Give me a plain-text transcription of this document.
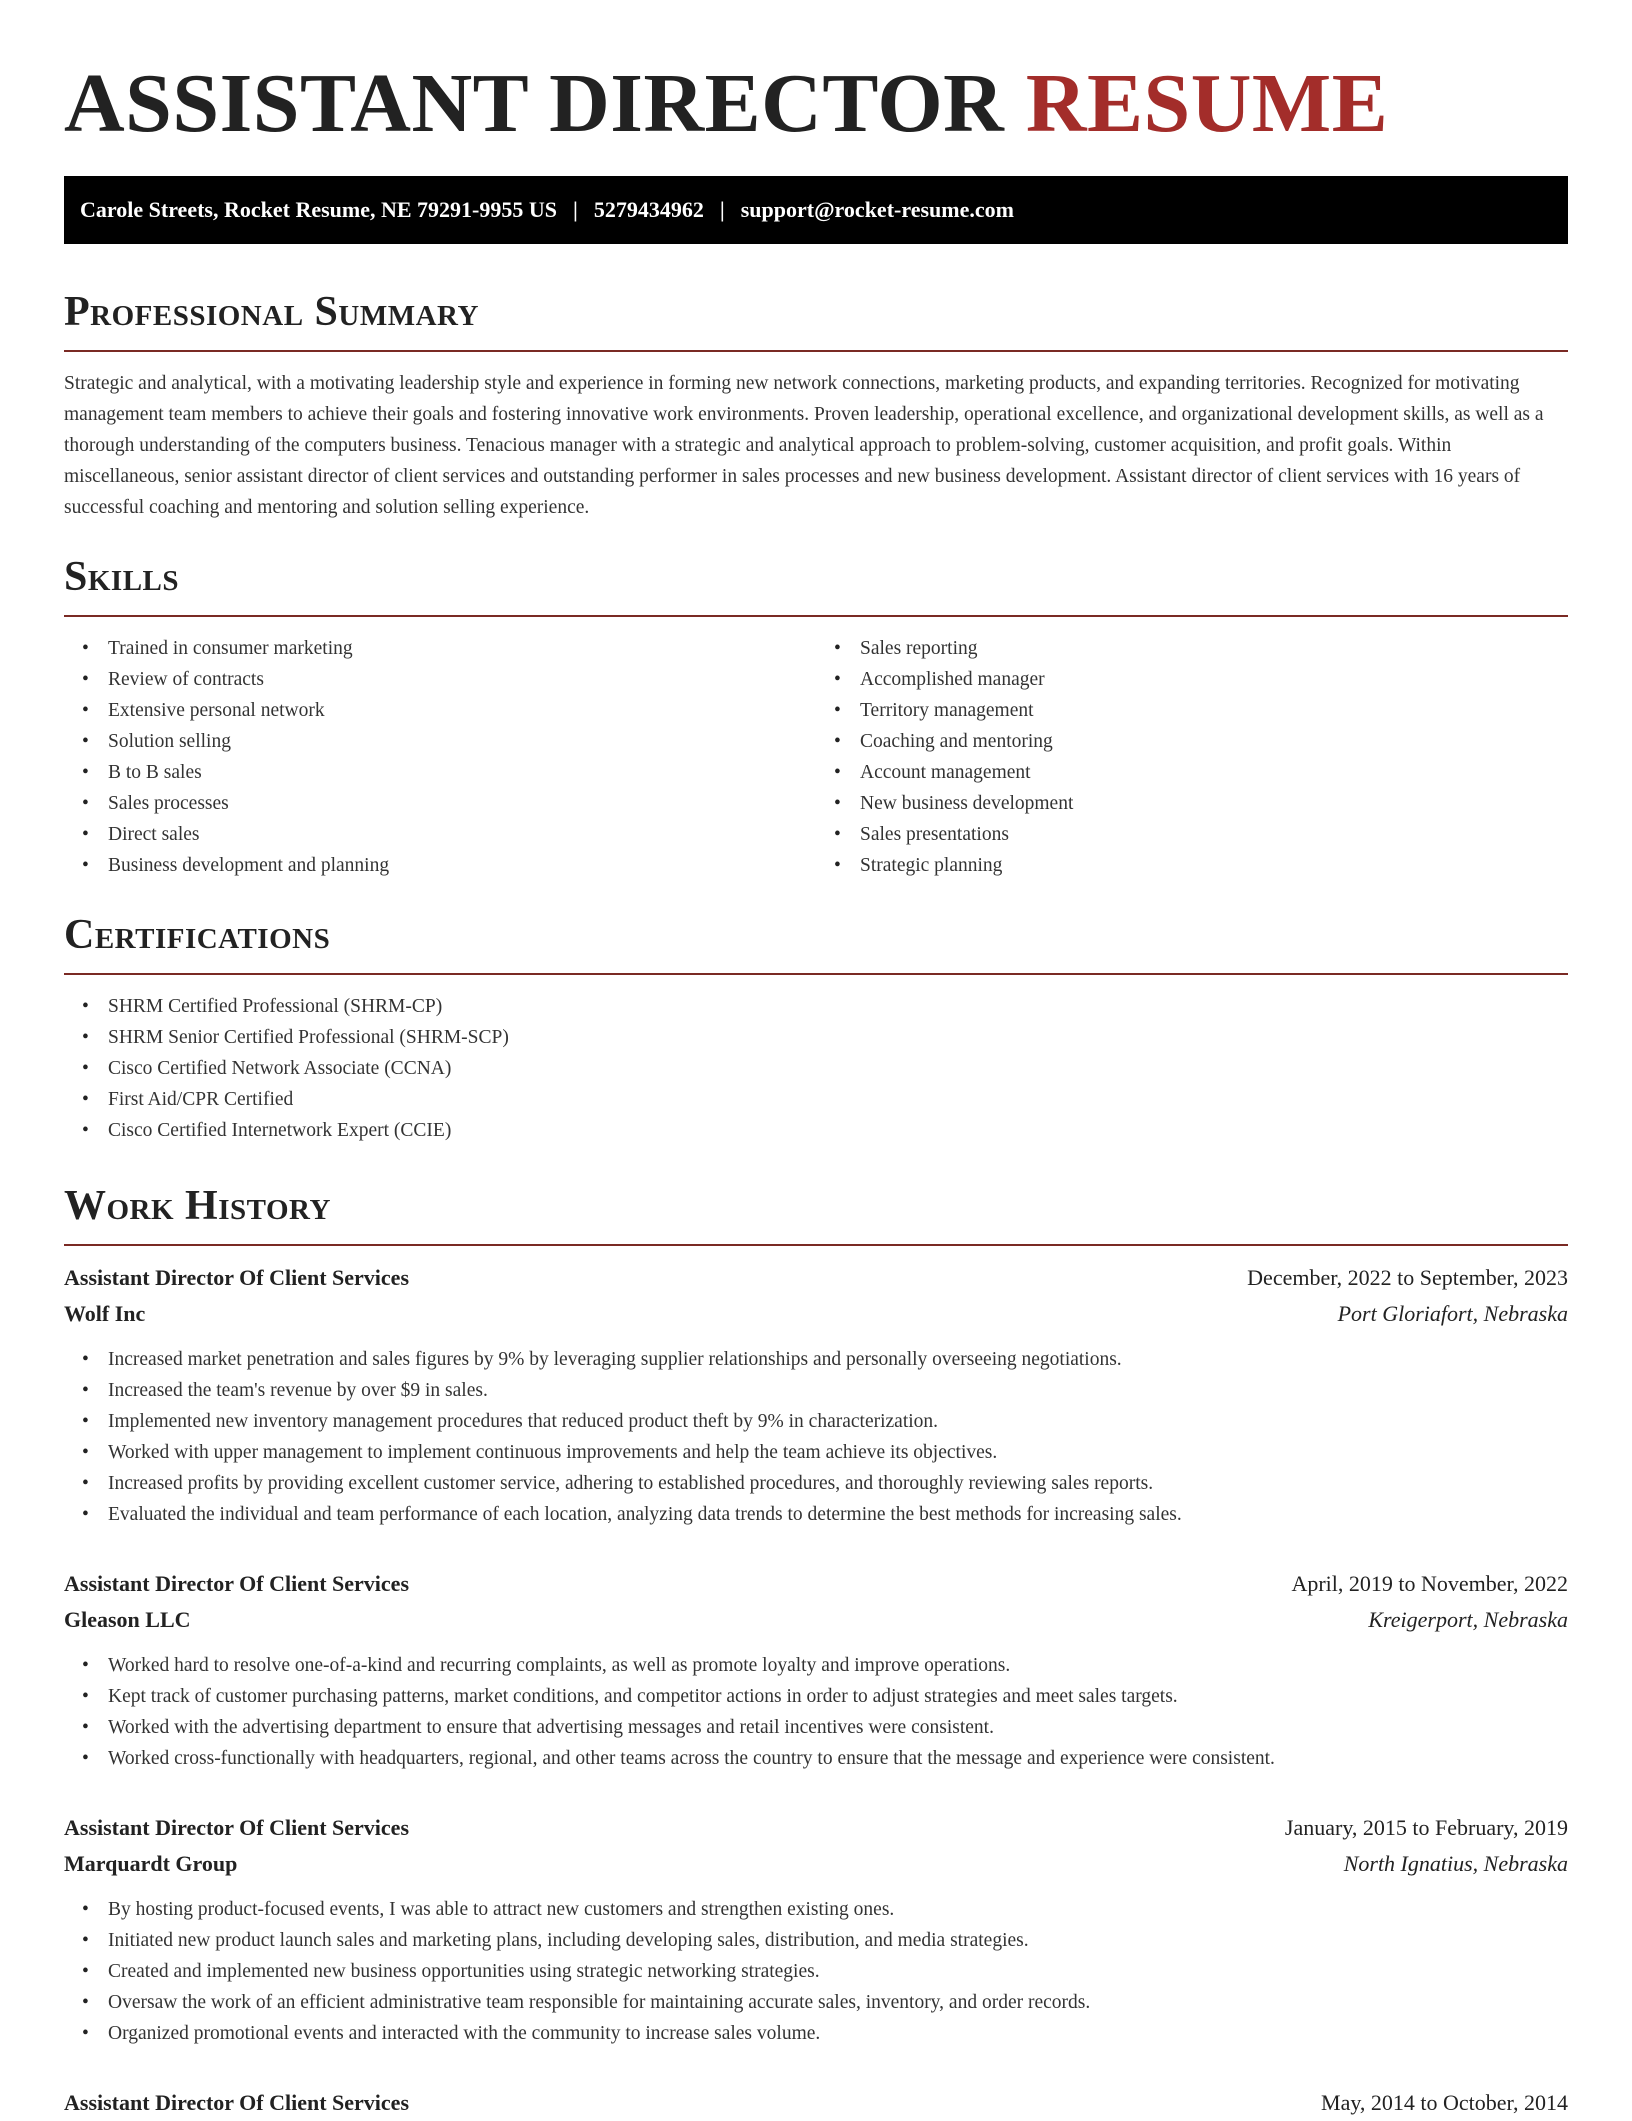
ASSISTANT DIRECTOR RESUME
Carole Streets, Rocket Resume, NE 79291-9955 US | 5279434962 | support@rocket-resume.com
Professional Summary

Strategic and analytical, with a motivating leadership style and experience in forming new network connections, marketing products, and expanding territories. Recognized for motivating management team members to achieve their goals and fostering innovative work environments. Proven leadership, operational excellence, and organizational development skills, as well as a thorough understanding of the computers business. Tenacious manager with a strategic and analytical approach to problem-solving, customer acquisition, and profit goals. Within miscellaneous, senior assistant director of client services and outstanding performer in sales processes and new business development. Assistant director of client services with 16 years of successful coaching and mentoring and solution selling experience.

Skills
• Trained in consumer marketing
• Review of contracts
• Extensive personal network
• Solution selling
• B to B sales
• Sales processes
• Direct sales
• Business development and planning
• Sales reporting
• Accomplished manager
• Territory management
• Coaching and mentoring
• Account management
• New business development
• Sales presentations
• Strategic planning
Certifications
• SHRM Certified Professional (SHRM-CP)
• SHRM Senior Certified Professional (SHRM-SCP)
• Cisco Certified Network Associate (CCNA)
• First Aid/CPR Certified
• Cisco Certified Internetwork Expert (CCIE)
Work History
Assistant Director Of Client Services	December, 2022 to September, 2023
Wolf Inc	Port Gloriafort, Nebraska
• Increased market penetration and sales figures by 9% by leveraging supplier relationships and personally overseeing negotiations.
• Increased the team's revenue by over $9 in sales.
• Implemented new inventory management procedures that reduced product theft by 9% in characterization.
• Worked with upper management to implement continuous improvements and help the team achieve its objectives.
• Increased profits by providing excellent customer service, adhering to established procedures, and thoroughly reviewing sales reports.
• Evaluated the individual and team performance of each location, analyzing data trends to determine the best methods for increasing sales.
Assistant Director Of Client Services	April, 2019 to November, 2022
Gleason LLC	Kreigerport, Nebraska
• Worked hard to resolve one-of-a-kind and recurring complaints, as well as promote loyalty and improve operations.
• Kept track of customer purchasing patterns, market conditions, and competitor actions in order to adjust strategies and meet sales targets.
• Worked with the advertising department to ensure that advertising messages and retail incentives were consistent.
• Worked cross-functionally with headquarters, regional, and other teams across the country to ensure that the message and experience were consistent.
Assistant Director Of Client Services	January, 2015 to February, 2019
Marquardt Group	North Ignatius, Nebraska
• By hosting product-focused events, I was able to attract new customers and strengthen existing ones.
• Initiated new product launch sales and marketing plans, including developing sales, distribution, and media strategies.
• Created and implemented new business opportunities using strategic networking strategies.
• Oversaw the work of an efficient administrative team responsible for maintaining accurate sales, inventory, and order records.
• Organized promotional events and interacted with the community to increase sales volume.
Assistant Director Of Client Services	May, 2014 to October, 2014
